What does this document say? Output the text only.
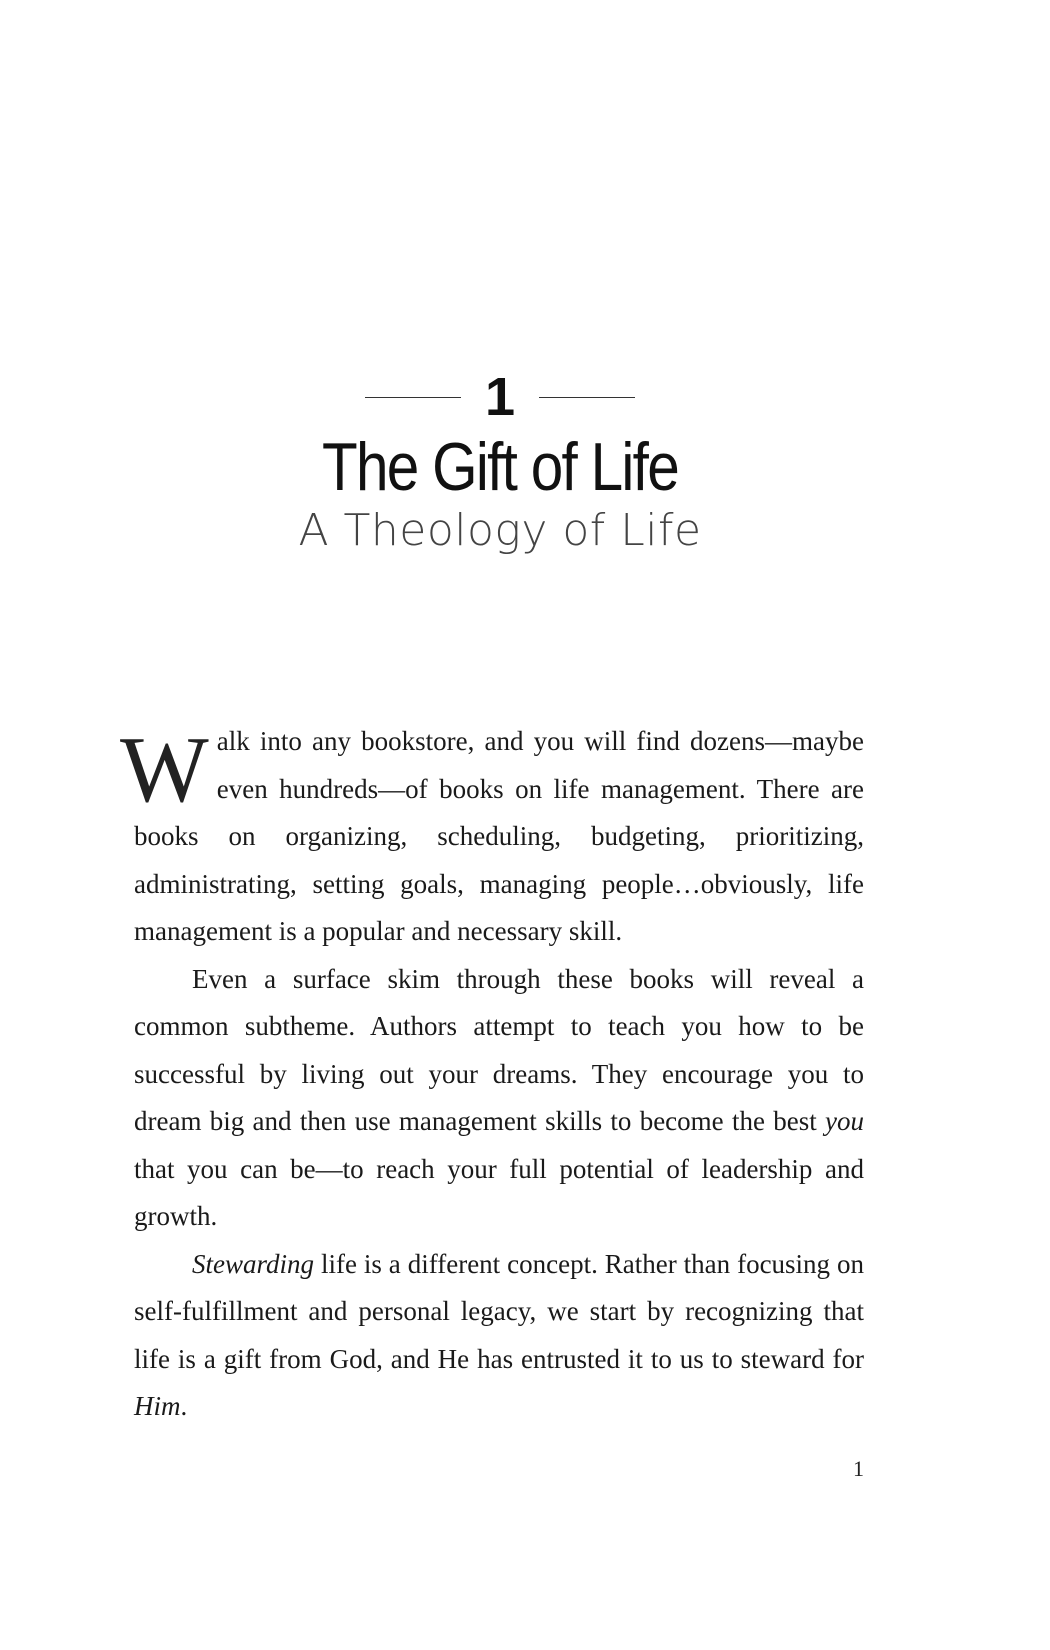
1
The Gift of Life
A Theology of Life

Walk into any bookstore, and you will find dozens—maybe even hundreds—of books on life management. There are books on organizing, scheduling, budgeting, prioritizing, administrating, setting goals, managing people…obviously, life management is a popular and necessary skill.

Even a surface skim through these books will reveal a common subtheme. Authors attempt to teach you how to be successful by living out your dreams. They encourage you to dream big and then use management skills to become the best you that you can be—to reach your full potential of leadership and growth.

Stewarding life is a different concept. Rather than focusing on self-fulfillment and personal legacy, we start by recognizing that life is a gift from God, and He has entrusted it to us to steward for Him.

1
